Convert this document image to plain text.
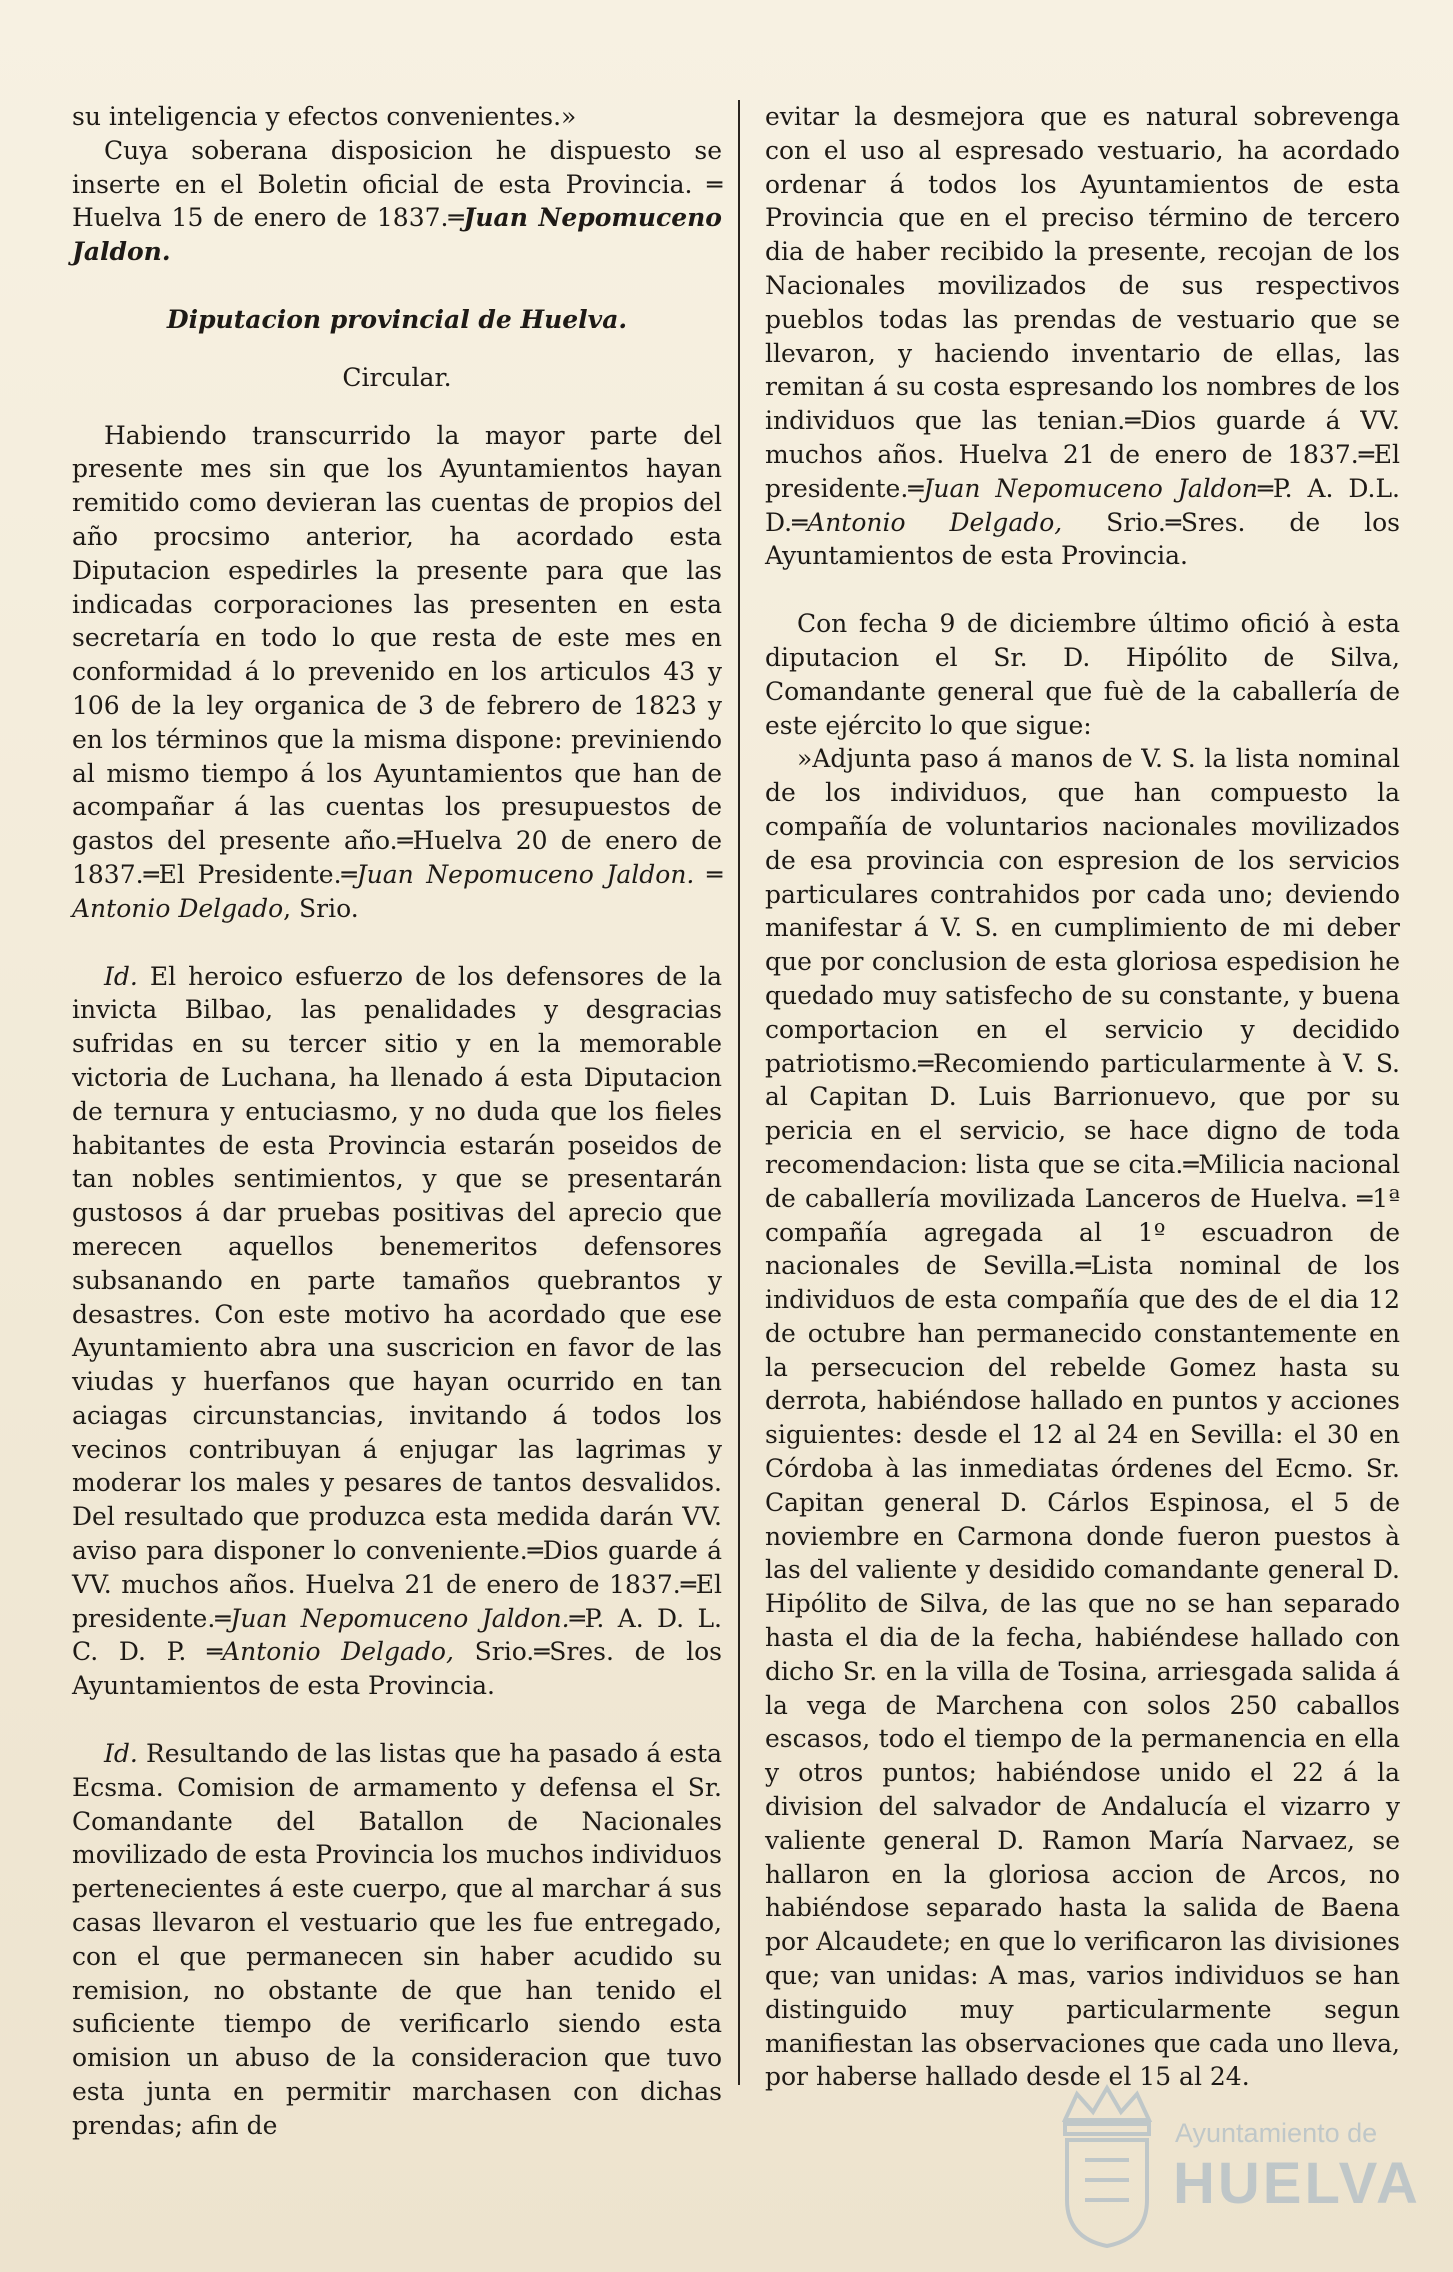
su inteligencia y efectos convenientes.»

Cuya soberana disposicion he dispuesto se inserte en el Boletin oficial de esta Provincia. ═ Huelva 15 de enero de 1837.═Juan Nepomuceno Jaldon.

Diputacion provincial de Huelva.

Circular.

Habiendo transcurrido la mayor parte del presente mes sin que los Ayuntamientos hayan remitido como devieran las cuentas de propios del año procsimo anterior, ha acordado esta Diputacion espedirles la presente para que las indicadas corporaciones las presenten en esta secretaría en todo lo que resta de este mes en conformidad á lo prevenido en los articulos 43 y 106 de la ley organica de 3 de febrero de 1823 y en los términos que la misma dispone: previniendo al mismo tiempo á los Ayuntamientos que han de acompañar á las cuentas los presupuestos de gastos del presente año.═Huelva 20 de enero de 1837.═El Presidente.═Juan Nepomuceno Jaldon. ═ Antonio Delgado, Srio.

Id. El heroico esfuerzo de los defensores de la invicta Bilbao, las penalidades y desgracias sufridas en su tercer sitio y en la memorable victoria de Luchana, ha llenado á esta Diputacion de ternura y entuciasmo, y no duda que los fieles habitantes de esta Provincia estarán poseidos de tan nobles sentimientos, y que se presentarán gustosos á dar pruebas positivas del aprecio que merecen aquellos benemeritos defensores subsanando en parte tamaños quebrantos y desastres. Con este motivo ha acordado que ese Ayuntamiento abra una suscricion en favor de las viudas y huerfanos que hayan ocurrido en tan aciagas circunstancias, invitando á todos los vecinos contribuyan á enjugar las lagrimas y moderar los males y pesares de tantos desvalidos. Del resultado que produzca esta medida darán VV. aviso para disponer lo conveniente.═Dios guarde á VV. muchos años. Huelva 21 de enero de 1837.═El presidente.═Juan Nepomuceno Jaldon.═P. A. D. L. C. D. P. ═Antonio Delgado, Srio.═Sres. de los Ayuntamientos de esta Provincia.

Id. Resultando de las listas que ha pasado á esta Ecsma. Comision de armamento y defensa el Sr. Comandante del Batallon de Nacionales movilizado de esta Provincia los muchos individuos pertenecientes á este cuerpo, que al marchar á sus casas llevaron el vestuario que les fue entregado, con el que permanecen sin haber acudido su remision, no obstante de que han tenido el suficiente tiempo de verificarlo siendo esta omision un abuso de la consideracion que tuvo esta junta en permitir marchasen con dichas prendas; afin de

evitar la desmejora que es natural sobrevenga con el uso al espresado vestuario, ha acordado ordenar á todos los Ayuntamientos de esta Provincia que en el preciso término de tercero dia de haber recibido la presente, recojan de los Nacionales movilizados de sus respectivos pueblos todas las prendas de vestuario que se llevaron, y haciendo inventario de ellas, las remitan á su costa espresando los nombres de los individuos que las tenian.═Dios guarde á VV. muchos años. Huelva 21 de enero de 1837.═El presidente.═Juan Nepomuceno Jaldon═P. A. D.L. D.═Antonio Delgado, Srio.═Sres. de los Ayuntamientos de esta Provincia.

Con fecha 9 de diciembre último ofició à esta diputacion el Sr. D. Hipólito de Silva, Comandante general que fuè de la caballería de este ejército lo que sigue:

»Adjunta paso á manos de V. S. la lista nominal de los individuos, que han compuesto la compañía de voluntarios nacionales movilizados de esa provincia con espresion de los servicios particulares contrahidos por cada uno; deviendo manifestar á V. S. en cumplimiento de mi deber que por conclusion de esta gloriosa espedision he quedado muy satisfecho de su constante, y buena comportacion en el servicio y decidido patriotismo.═Recomiendo particularmente à V. S. al Capitan D. Luis Barrionuevo, que por su pericia en el servicio, se hace digno de toda recomendacion: lista que se cita.═Milicia nacional de caballería movilizada Lanceros de Huelva. ═1ª compañía agregada al 1º escuadron de nacionales de Sevilla.═Lista nominal de los individuos de esta compañía que des de el dia 12 de octubre han permanecido constantemente en la persecucion del rebelde Gomez hasta su derrota, habiéndose hallado en puntos y acciones siguientes: desde el 12 al 24 en Sevilla: el 30 en Córdoba à las inmediatas órdenes del Ecmo. Sr. Capitan general D. Cárlos Espinosa, el 5 de noviembre en Carmona donde fueron puestos à las del valiente y desidido comandante general D. Hipólito de Silva, de las que no se han separado hasta el dia de la fecha, habiéndese hallado con dicho Sr. en la villa de Tosina, arriesgada salida á la vega de Marchena con solos 250 caballos escasos, todo el tiempo de la permanencia en ella y otros puntos; habiéndose unido el 22 á la division del salvador de Andalucía el vizarro y valiente general D. Ramon María Narvaez, se hallaron en la gloriosa accion de Arcos, no habiéndose separado hasta la salida de Baena por Alcaudete; en que lo verificaron las divisiones que; van unidas: A mas, varios individuos se han distinguido muy particularmente segun manifiestan las observaciones que cada uno lleva, por haberse hallado desde el 15 al 24.

Ayuntamiento de
HUELVA
